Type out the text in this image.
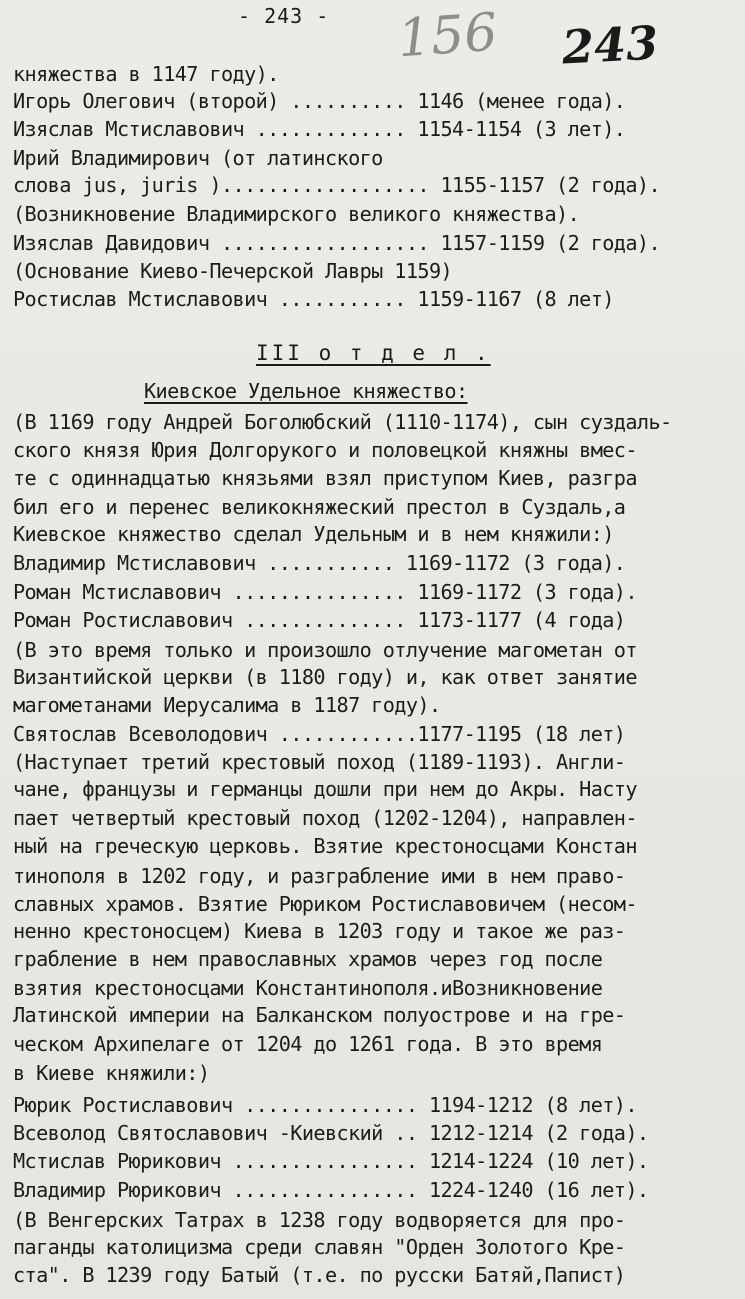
- 243 - 156 243
княжества в 1147 году).
Игорь Олегович (второй) .......... 1146 (менее года).
Изяслав Мстиславович ............. 1154-1154 (3 лет).
Ирий Владимирович (от латинского
слова jus, juris ).................. 1155-1157 (2 года).
(Возникновение Владимирского великого княжества).
Изяслав Давидович .................. 1157-1159 (2 года).
(Основание Киево-Печерской Лавры 1159)
Ростислав Мстиславович ........... 1159-1167 (8 лет)
III о т д е л .
Киевское Удельное княжество:
(В 1169 году Андрей Боголюбский (1110-1174), сын суздаль-
ского князя Юрия Долгорукого и половецкой княжны вмес-
те с одиннадцатью князьями взял приступом Киев, разгра
бил его и перенес великокняжеский престол в Суздаль,а
Киевское княжество сделал Удельным и в нем княжили:)
Владимир Мстиславович ........... 1169-1172 (3 года).
Роман Мстиславович ............... 1169-1172 (3 года).
Роман Ростиславович .............. 1173-1177 (4 года)
(В это время только и произошло отлучение магометан от
Византийской церкви (в 1180 году) и, как ответ занятие
магометанами Иерусалима в 1187 году).
Святослав Всеволодович ............1177-1195 (18 лет)
(Наступает третий крестовый поход (1189-1193). Англи-
чане, французы и германцы дошли при нем до Акры. Насту
пает четвертый крестовый поход (1202-1204), направлен-
ный на греческую церковь. Взятие крестоносцами Констан
тинополя в 1202 году, и разграбление ими в нем право-
славных храмов. Взятие Рюриком Ростиславовичем (несом-
ненно крестоносцем) Киева в 1203 году и такое же раз-
грабление в нем православных храмов через год после
взятия крестоносцами Константинополя.иВозникновение
Латинской империи на Балканском полуострове и на гре-
ческом Архипелаге от 1204 до 1261 года. В это время
в Киеве княжили:)
Рюрик Ростиславович ............... 1194-1212 (8 лет).
Всеволод Святославович -Киевский .. 1212-1214 (2 года).
Мстислав Рюрикович ................ 1214-1224 (10 лет).
Владимир Рюрикович ................ 1224-1240 (16 лет).
(В Венгерских Татрах в 1238 году водворяется для про-
паганды католицизма среди славян "Орден Золотого Кре-
ста". В 1239 году Батый (т.е. по русски Батяй,Папист)
